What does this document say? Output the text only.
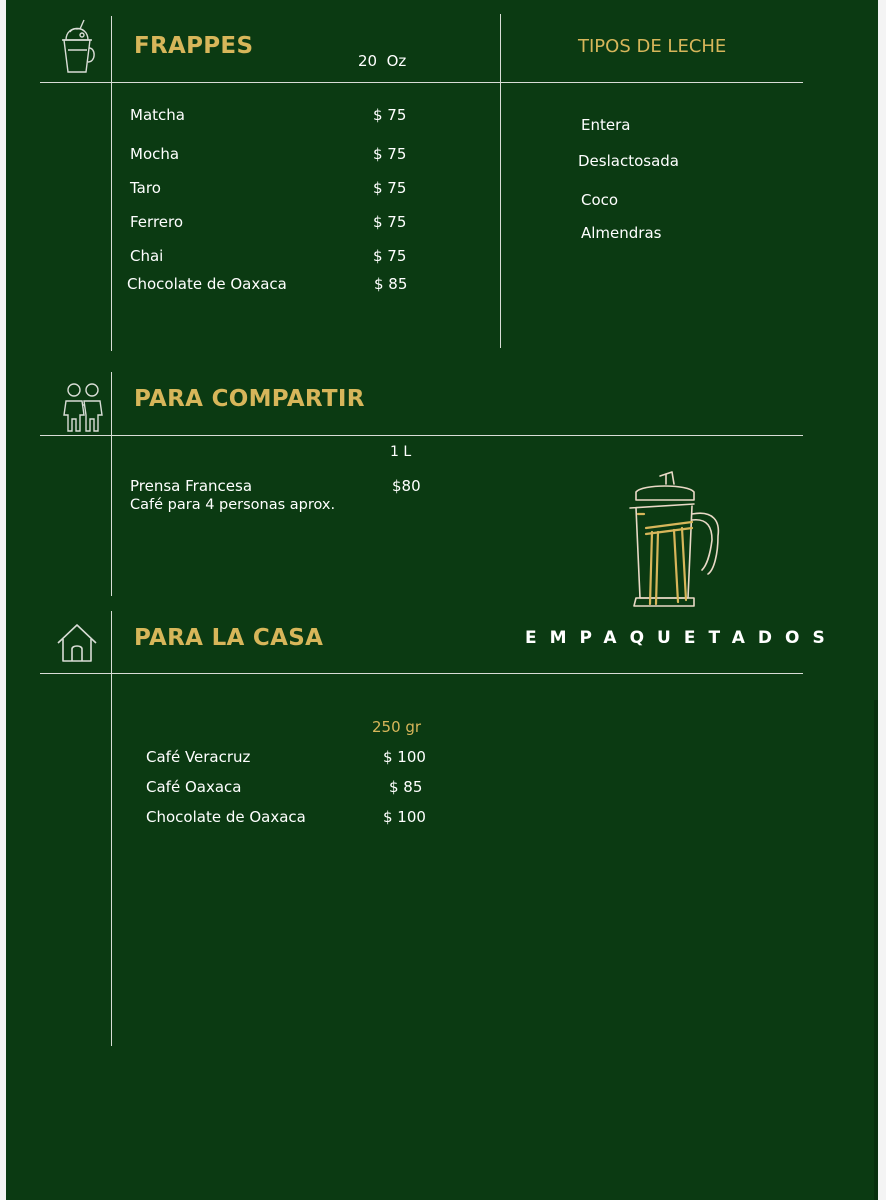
FRAPPES
20  Oz
Matcha	$ 75
Mocha	$ 75
Taro	$ 75
Ferrero	$ 75
Chai	$ 75
Chocolate de Oaxaca	$ 85
TIPOS DE LECHE
Entera
Deslactosada
Coco
Almendras
PARA COMPARTIR
1 L
Prensa Francesa	$80
Café para 4 personas aprox.
PARA LA CASA	EMPAQUETADOS
250 gr
Café Veracruz	$ 100
Café Oaxaca	$ 85
Chocolate de Oaxaca	$ 100
